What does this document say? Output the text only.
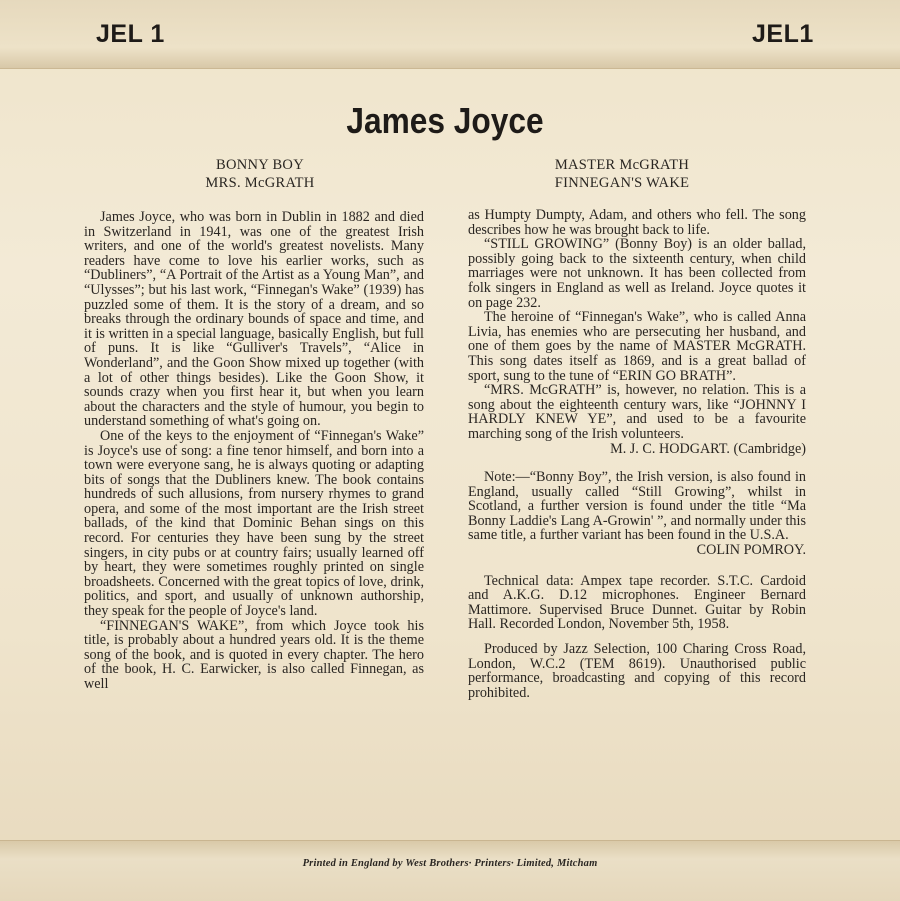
JEL 1	JEL1
James Joyce
BONNY BOY
MRS. McGRATH
MASTER McGRATH
FINNEGAN'S WAKE

James Joyce, who was born in Dublin in 1882 and died in Switzerland in 1941, was one of the greatest Irish writers, and one of the world's greatest novelists. Many readers have come to love his earlier works, such as “Dubliners”, “A Portrait of the Artist as a Young Man”, and “Ulysses”; but his last work, “Finnegan's Wake” (1939) has puzzled some of them. It is the story of a dream, and so breaks through the ordinary bounds of space and time, and it is written in a special language, basically English, but full of puns. It is like “Gulliver's Travels”, “Alice in Wonderland”, and the Goon Show mixed up together (with a lot of other things besides). Like the Goon Show, it sounds crazy when you first hear it, but when you learn about the characters and the style of humour, you begin to understand something of what's going on.

One of the keys to the enjoyment of “Finnegan's Wake” is Joyce's use of song: a fine tenor himself, and born into a town were everyone sang, he is always quoting or adapting bits of songs that the Dubliners knew. The book contains hundreds of such allusions, from nursery rhymes to grand opera, and some of the most important are the Irish street ballads, of the kind that Dominic Behan sings on this record. For centuries they have been sung by the street singers, in city pubs or at country fairs; usually learned off by heart, they were sometimes roughly printed on single broadsheets. Concerned with the great topics of love, drink, politics, and sport, and usually of unknown authorship, they speak for the people of Joyce's land.

“FINNEGAN'S WAKE”, from which Joyce took his title, is probably about a hundred years old. It is the theme song of the book, and is quoted in every chapter. The hero of the book, H. C. Earwicker, is also called Finnegan, as well

as Humpty Dumpty, Adam, and others who fell. The song describes how he was brought back to life.

“STILL GROWING” (Bonny Boy) is an older ballad, possibly going back to the sixteenth century, when child marriages were not unknown. It has been collected from folk singers in England as well as Ireland. Joyce quotes it on page 232.

The heroine of “Finnegan's Wake”, who is called Anna Livia, has enemies who are persecuting her husband, and one of them goes by the name of MASTER McGRATH. This song dates itself as 1869, and is a great ballad of sport, sung to the tune of “ERIN GO BRATH”.

“MRS. McGRATH” is, however, no relation. This is a song about the eighteenth century wars, like “JOHNNY I HARDLY KNEW YE”, and used to be a favourite marching song of the Irish volunteers.

M. J. C. HODGART. (Cambridge)

Note:—“Bonny Boy”, the Irish version, is also found in England, usually called “Still Growing”, whilst in Scotland, a further version is found under the title “Ma Bonny Laddie's Lang A-Growin' ”, and normally under this same title, a further variant has been found in the U.S.A.

COLIN POMROY.

Technical data: Ampex tape recorder. S.T.C. Cardoid and A.K.G. D.12 microphones. Engineer Bernard Mattimore. Supervised Bruce Dunnet. Guitar by Robin Hall. Recorded London, November 5th, 1958.

Produced by Jazz Selection, 100 Charing Cross Road, London, W.C.2 (TEM 8619). Unauthorised public performance, broadcasting and copying of this record prohibited.

Printed in England by West Brothers· Printers· Limited, Mitcham
